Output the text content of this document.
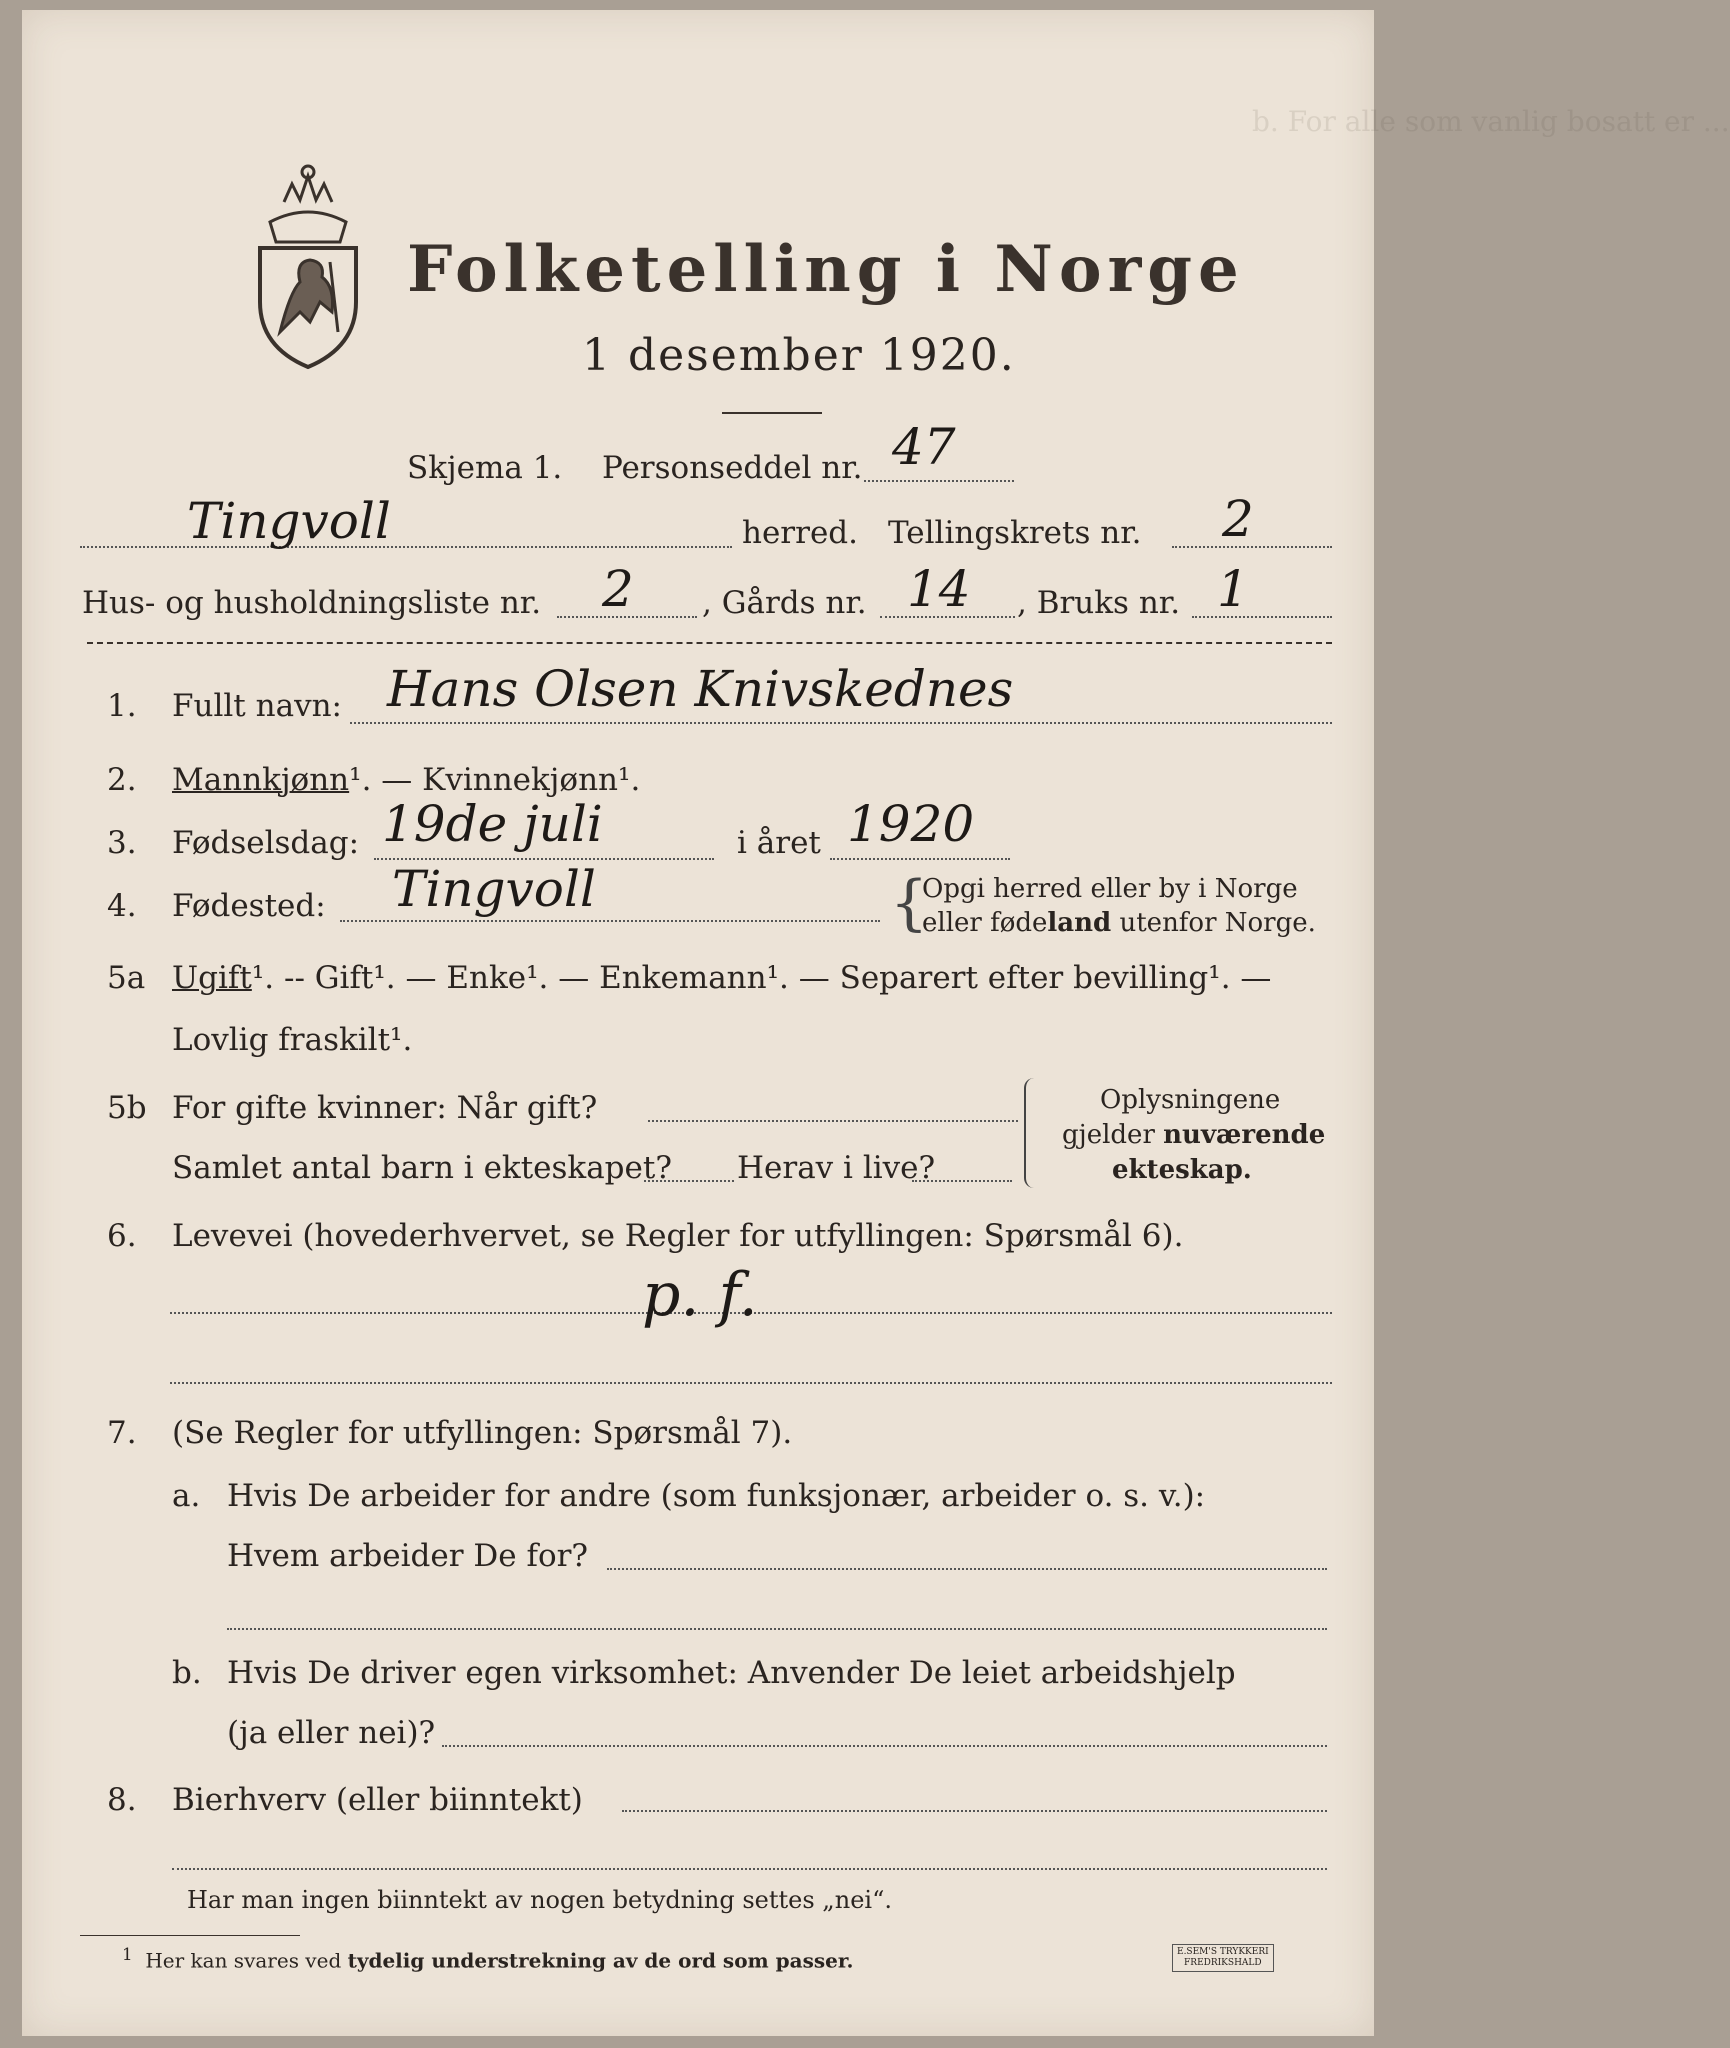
b. For alle som vanlig bosatt er ...
Folketelling i Norge
1 desember 1920.
Skjema 1. Personseddel nr. 47
Tingvoll	herred. Tellingskrets nr. 2
Hus- og husholdningsliste nr. 2 , Gårds nr. 14 , Bruks nr. 1
1. Fullt navn: Hans Olsen Knivskednes
2. Mannkjønn¹. — Kvinnekjønn¹.
3. Fødselsdag: 19de juli	i året 1920
4. Fødested: Tingvoll	{
Opgi herred eller by i Norge
eller fødeland utenfor Norge.
5a Ugift¹. -- Gift¹. — Enke¹. — Enkemann¹. — Separert efter bevilling¹. —
Lovlig fraskilt¹.
5b For gifte kvinner: Når gift?
Samlet antal barn i ekteskapet? Herav i live?
Oplysningene
gjelder nuværende
ekteskap.
6. Levevei (hovederhvervet, se Regler for utfyllingen: Spørsmål 6).
p. f.
7. (Se Regler for utfyllingen: Spørsmål 7).
a. Hvis De arbeider for andre (som funksjonær, arbeider o. s. v.):
Hvem arbeider De for?
b. Hvis De driver egen virksomhet: Anvender De leiet arbeidshjelp
(ja eller nei)?
8. Bierhverv (eller biinntekt)
Har man ingen biinntekt av nogen betydning settes „nei“.
$^1$ Her kan svares ved tydelig understrekning av de ord som passer.	E.SEM'S TRYKKERI
FREDRIKSHALD
